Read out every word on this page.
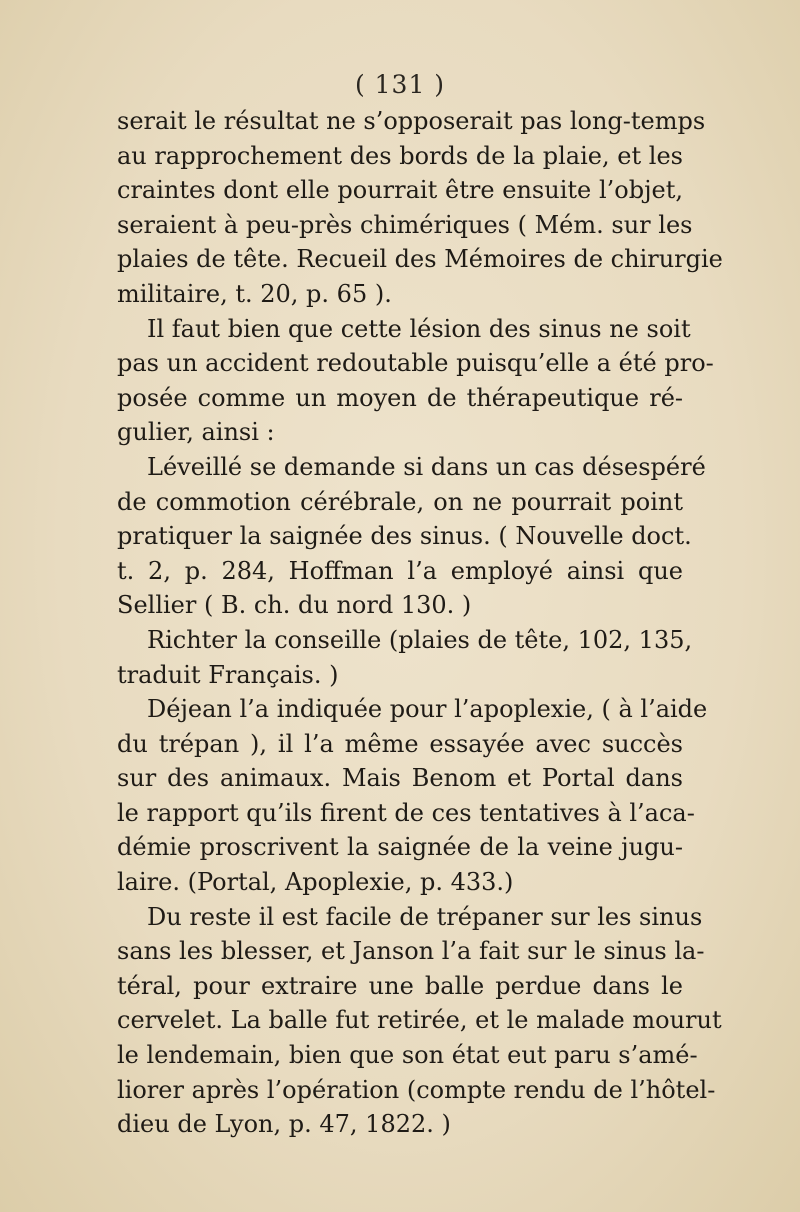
( 131 )
serait le résultat ne s’opposerait pas long-temps
au rapprochement des bords de la plaie, et les
craintes dont elle pourrait être ensuite l’objet,
seraient à peu-près chimériques ( Mém. sur les
plaies de tête. Recueil des Mémoires de chirurgie
militaire, t. 20, p. 65 ).
Il faut bien que cette lésion des sinus ne soit
pas un accident redoutable puisqu’elle a été pro-
posée comme un moyen de thérapeutique ré-
gulier, ainsi :
Léveillé se demande si dans un cas désespéré
de commotion cérébrale, on ne pourrait point
pratiquer la saignée des sinus. ( Nouvelle doct.
t. 2, p. 284, Hoffman l’a employé ainsi que
Sellier ( B. ch. du nord 130. )
Richter la conseille (plaies de tête, 102, 135,
traduit Français. )
Déjean l’a indiquée pour l’apoplexie, ( à l’aide
du trépan ), il l’a même essayée avec succès
sur des animaux. Mais Benom et Portal dans
le rapport qu’ils firent de ces tentatives à l’aca-
démie proscrivent la saignée de la veine jugu-
laire. (Portal, Apoplexie, p. 433.)
Du reste il est facile de trépaner sur les sinus
sans les blesser, et Janson l’a fait sur le sinus la-
téral, pour extraire une balle perdue dans le
cervelet. La balle fut retirée, et le malade mourut
le lendemain, bien que son état eut paru s’amé-
liorer après l’opération (compte rendu de l’hôtel-
dieu de Lyon, p. 47, 1822. )
